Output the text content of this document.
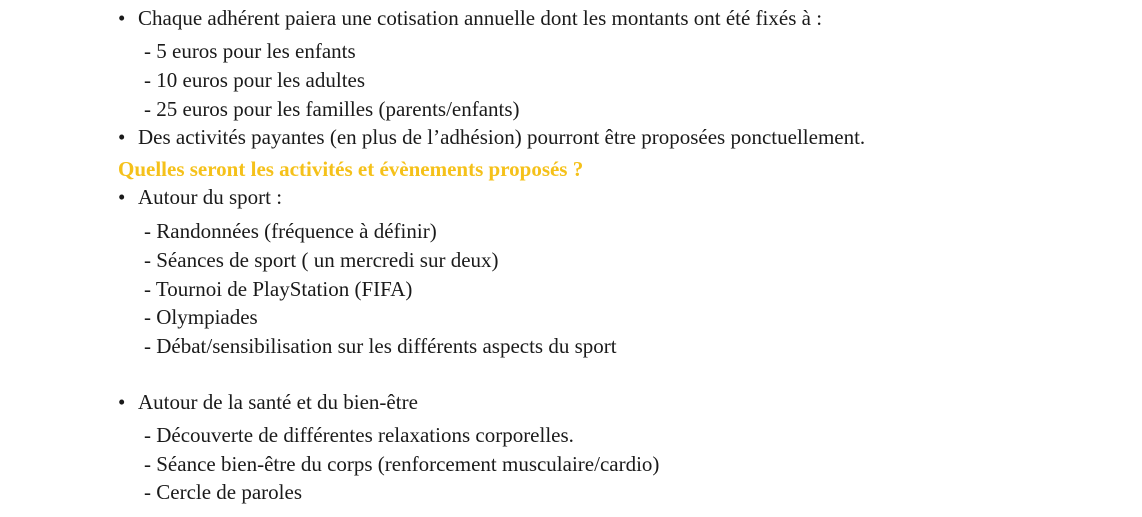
• Chaque adhérent paiera une cotisation annuelle dont les montants ont été fixés à :
- 5 euros pour les enfants
- 10 euros pour les adultes
- 25 euros pour les familles (parents/enfants)
• Des activités payantes (en plus de l’adhésion) pourront être proposées ponctuellement.
Quelles seront les activités et évènements proposés ?
• Autour du sport :
- Randonnées (fréquence à définir)
- Séances de sport ( un mercredi sur deux)
- Tournoi de PlayStation (FIFA)
- Olympiades
- Débat/sensibilisation sur les différents aspects du sport
• Autour de la santé et du bien-être
- Découverte de différentes relaxations corporelles.
- Séance bien-être du corps (renforcement musculaire/cardio)
- Cercle de paroles
